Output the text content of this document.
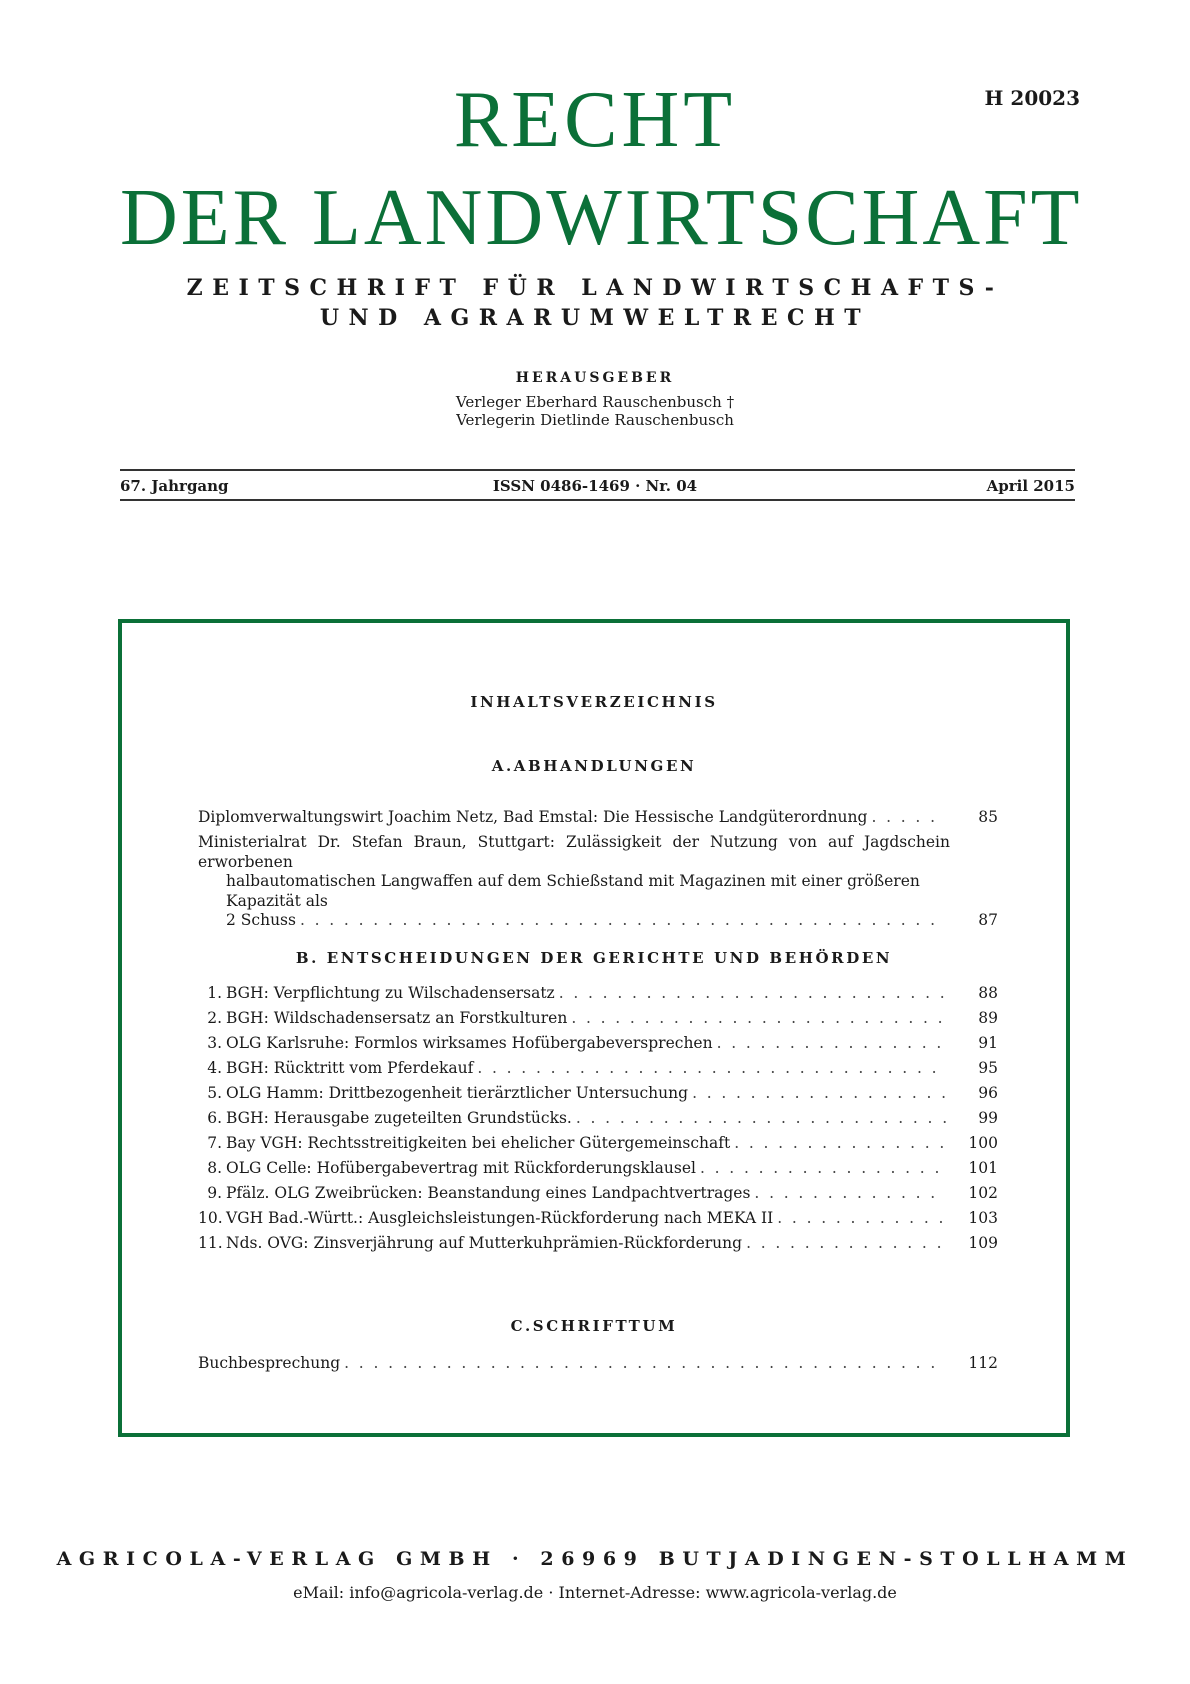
H 20023
RECHT
DER LANDWIRTSCHAFT
ZEITSCHRIFT FÜR LANDWIRTSCHAFTS-
UND AGRARUMWELTRECHT
HERAUSGEBER
Verleger Eberhard Rauschenbusch †
Verlegerin Dietlinde Rauschenbusch
67. Jahrgang	ISSN 0486-1469 · Nr. 04	April 2015
INHALTSVERZEICHNIS
A.ABHANDLUNGEN
Diplomverwaltungswirt Joachim Netz, Bad Emstal: Die Hessische Landgüterordnung . . .	85
Ministerialrat Dr. Stefan Braun, Stuttgart: Zulässigkeit der Nutzung von auf Jagdschein erworbenen
halbautomatischen Langwaffen auf dem Schießstand mit Magazinen mit einer größeren Kapazität als
2 Schuss . . .	87
B. ENTSCHEIDUNGEN DER GERICHTE UND BEHÖRDEN
1. BGH: Verpflichtung zu Wilschadensersatz . . .	88
2. BGH: Wildschadensersatz an Forstkulturen . . .	89
3. OLG Karlsruhe: Formlos wirksames Hofübergabeversprechen . . .	91
4. BGH: Rücktritt vom Pferdekauf . . .	95
5. OLG Hamm: Drittbezogenheit tierärztlicher Untersuchung . . .	96
6. BGH: Herausgabe zugeteilten Grundstücks. . . .	99
7. Bay VGH: Rechtsstreitigkeiten bei ehelicher Gütergemeinschaft . . .	100
8. OLG Celle: Hofübergabevertrag mit Rückforderungsklausel . . .	101
9. Pfälz. OLG Zweibrücken: Beanstandung eines Landpachtvertrages . . .	102
10. VGH Bad.-Württ.: Ausgleichsleistungen-Rückforderung nach MEKA II . . .	103
11. Nds. OVG: Zinsverjährung auf Mutterkuhprämien-Rückforderung . . .	109
C.SCHRIFTTUM
Buchbesprechung . . .	112
AGRICOLA-VERLAG GMBH · 26969 BUTJADINGEN-STOLLHAMM
eMail: info@agricola-verlag.de · Internet-Adresse: www.agricola-verlag.de
